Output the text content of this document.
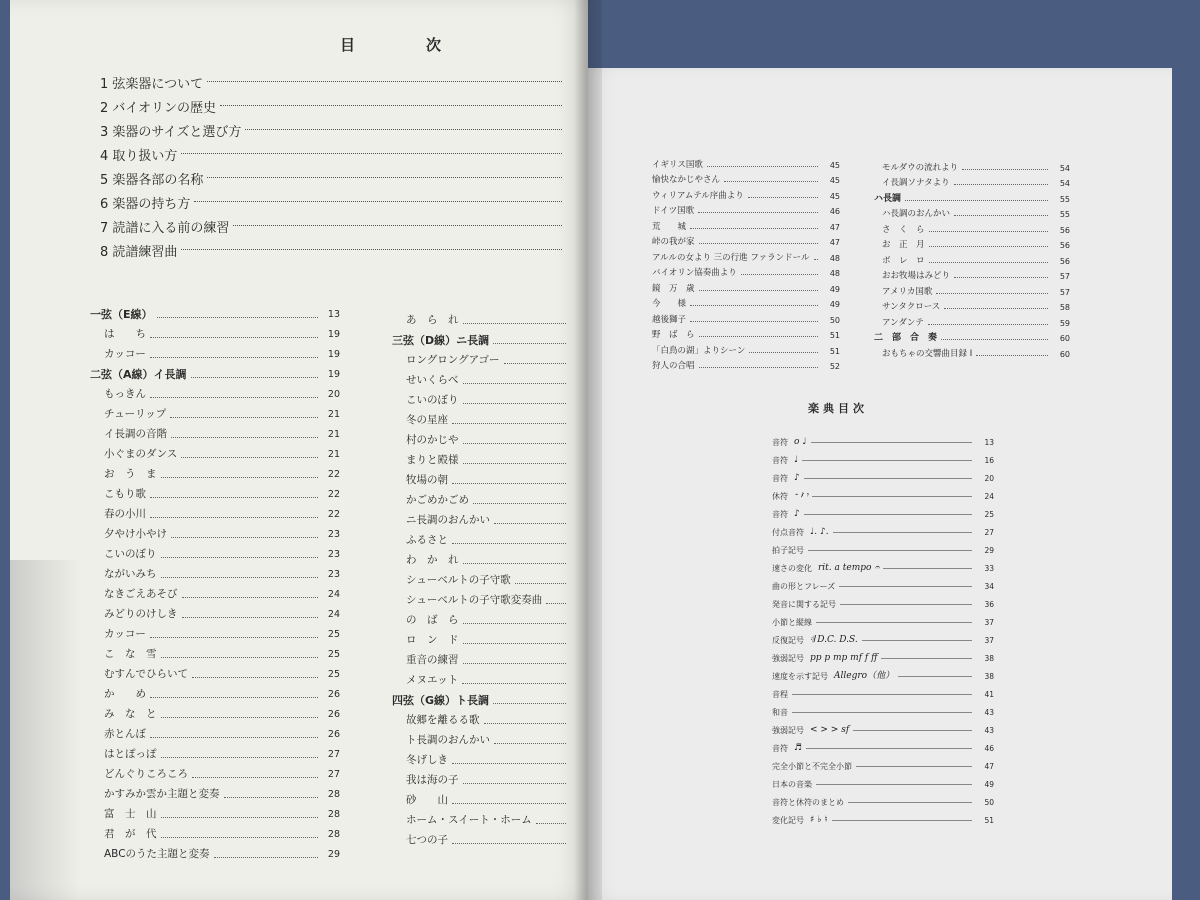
目　次
1 弦楽器について
2 バイオリンの歴史
3 楽器のサイズと選び方
4 取り扱い方
5 楽器各部の名称
6 楽器の持ち方
7 読譜に入る前の練習
8 読譜練習曲
一弦（E線）	13
は　　ち	19
カッコー	19
二弦（A線）イ長調	19
もっきん	20
チューリップ	21
イ長調の音階	21
小ぐまのダンス	21
お　う　ま	22
こもり歌	22
春の小川	22
夕やけ小やけ	23
こいのぼり	23
ながいみち	23
なきごえあそび	24
みどりのけしき	24
カッコー	25
こ　な　雪	25
むすんでひらいて	25
か　　め	26
み　な　と	26
赤とんぼ	26
はとぽっぽ	27
どんぐりころころ	27
かすみか雲か主題と変奏	28
富　士　山	28
君　が　代	28
ABCのうた主題と変奏	29
あ　ら　れ
三弦（D線）ニ長調
ロングロングアゴー
せいくらべ
こいのぼり
冬の星座
村のかじや
まりと殿様
牧場の朝
かごめかごめ
ニ長調のおんかい
ふるさと
わ　か　れ
シューベルトの子守歌
シューベルトの子守歌変奏曲
の　ば　ら
ロ　ン　ド
重音の練習
メヌエット
四弦（G線）ト長調
故郷を離るる歌
ト長調のおんかい
冬げしき
我は海の子
砂　　山
ホーム・スイート・ホーム
七つの子
イギリス国歌	45
愉快なかじやさん	45
ウィリアムテル序曲より	45
ドイツ国歌	46
荒　　城	47
峠の我が家	47
アルルの女より 三の行進 ファランドール	48
バイオリン協奏曲より	48
鏡　万　歳	49
今　　様	49
越後獅子	50
野　ば　ら	51
「白鳥の湖」よりシーン	51
狩人の合唱	52
モルダウの流れより	54
イ長調ソナタより	54
ハ長調	55
ハ長調のおんかい	55
さ　く　ら	56
お　正　月	56
ボ　レ　ロ	56
おお牧場はみどり	57
アメリカ国歌	57
サンタクロース	58
アンダンテ	59
二　部　合　奏	60
おもちゃの交響曲目録 I	60
楽典目次
音符 o ♩	13
音符 ♩	16
音符 ♪	20
休符 𝄼 𝄽 𝄾	24
音符 ♪	25
付点音符 ♩. ♪.	27
拍子記号	29
速さの変化 rit. a tempo 𝄐	33
曲の形とフレーズ	34
発音に関する記号	36
小節と縦線	37
反復記号 𝄇 D.C. D.S.	37
強弱記号 pp p mp mf f ff	38
速度を示す記号 Allegro（他）	38
音程	41
和音	43
強弱記号 < > > sf	43
音符 ♬	46
完全小節と不完全小節	47
日本の音楽	49
音符と休符のまとめ	50
変化記号 ♯ ♭ ♮	51
